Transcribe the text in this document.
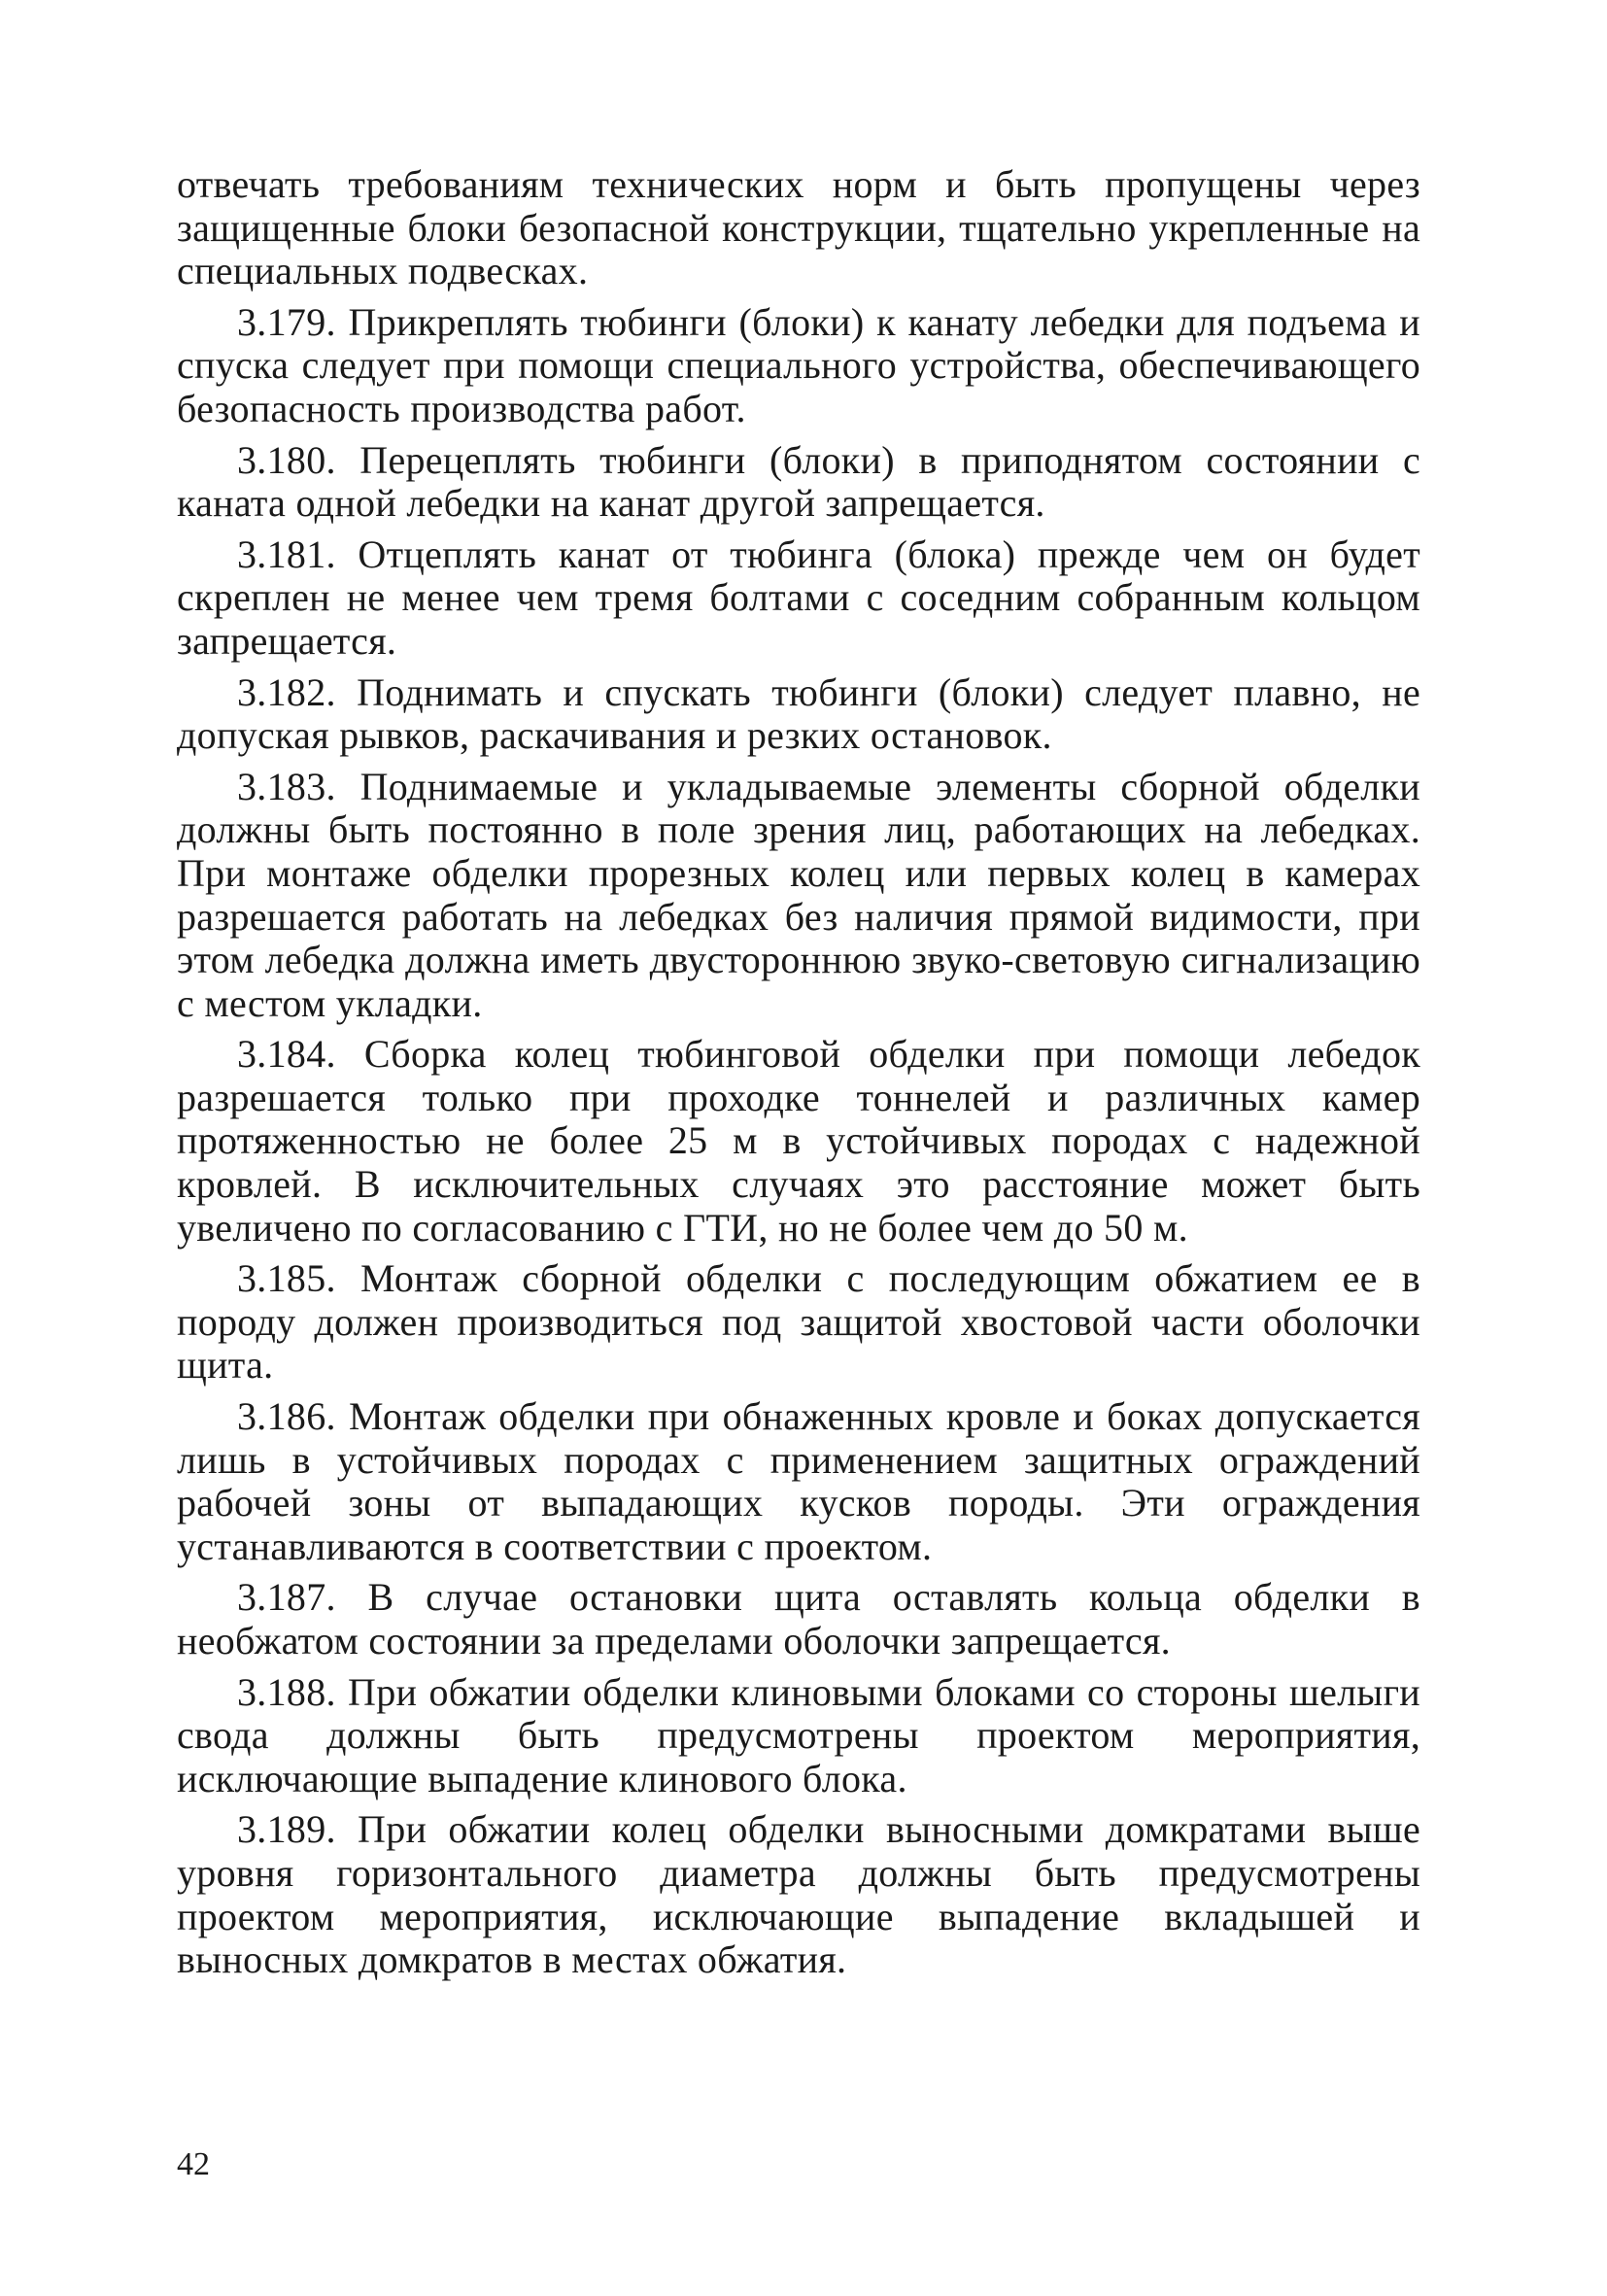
отвечать требованиям технических норм и быть пропущены через защищенные блоки безопасной конструкции, тщательно укрепленные на специальных подвесках.

3.179. Прикреплять тюбинги (блоки) к канату лебедки для подъема и спуска следует при помощи специального устройства, обеспечивающего безопасность производства работ.

3.180. Перецеплять тюбинги (блоки) в приподнятом состоянии с каната одной лебедки на канат другой запрещается.

3.181. Отцеплять канат от тюбинга (блока) прежде чем он будет скреплен не менее чем тремя болтами с соседним собранным кольцом запрещается.

3.182. Поднимать и спускать тюбинги (блоки) следует плавно, не допуская рывков, раскачивания и резких остановок.

3.183. Поднимаемые и укладываемые элементы сборной обделки должны быть постоянно в поле зрения лиц, работающих на лебедках. При монтаже обделки прорезных колец или первых колец в камерах разрешается работать на лебедках без наличия прямой видимости, при этом лебедка должна иметь двустороннюю звуко-световую сигнализацию с местом укладки.

3.184. Сборка колец тюбинговой обделки при помощи лебедок разрешается только при проходке тоннелей и различных камер протяженностью не более 25 м в устойчивых породах с надежной кровлей. В исключительных случаях это расстояние может быть увеличено по согласованию с ГТИ, но не более чем до 50 м.

3.185. Монтаж сборной обделки с последующим обжатием ее в породу должен производиться под защитой хвостовой части оболочки щита.

3.186. Монтаж обделки при обнаженных кровле и боках допускается лишь в устойчивых породах с применением защитных ограждений рабочей зоны от выпадающих кусков породы. Эти ограждения устанавливаются в соответствии с проектом.

3.187. В случае остановки щита оставлять кольца обделки в необжатом состоянии за пределами оболочки запрещается.

3.188. При обжатии обделки клиновыми блоками со стороны шелыги свода должны быть предусмотрены проектом мероприятия, исключающие выпадение клинового блока.

3.189. При обжатии колец обделки выносными домкратами выше уровня горизонтального диаметра должны быть предусмотрены проектом мероприятия, исключающие выпадение вкладышей и выносных домкратов в местах обжатия.

42
